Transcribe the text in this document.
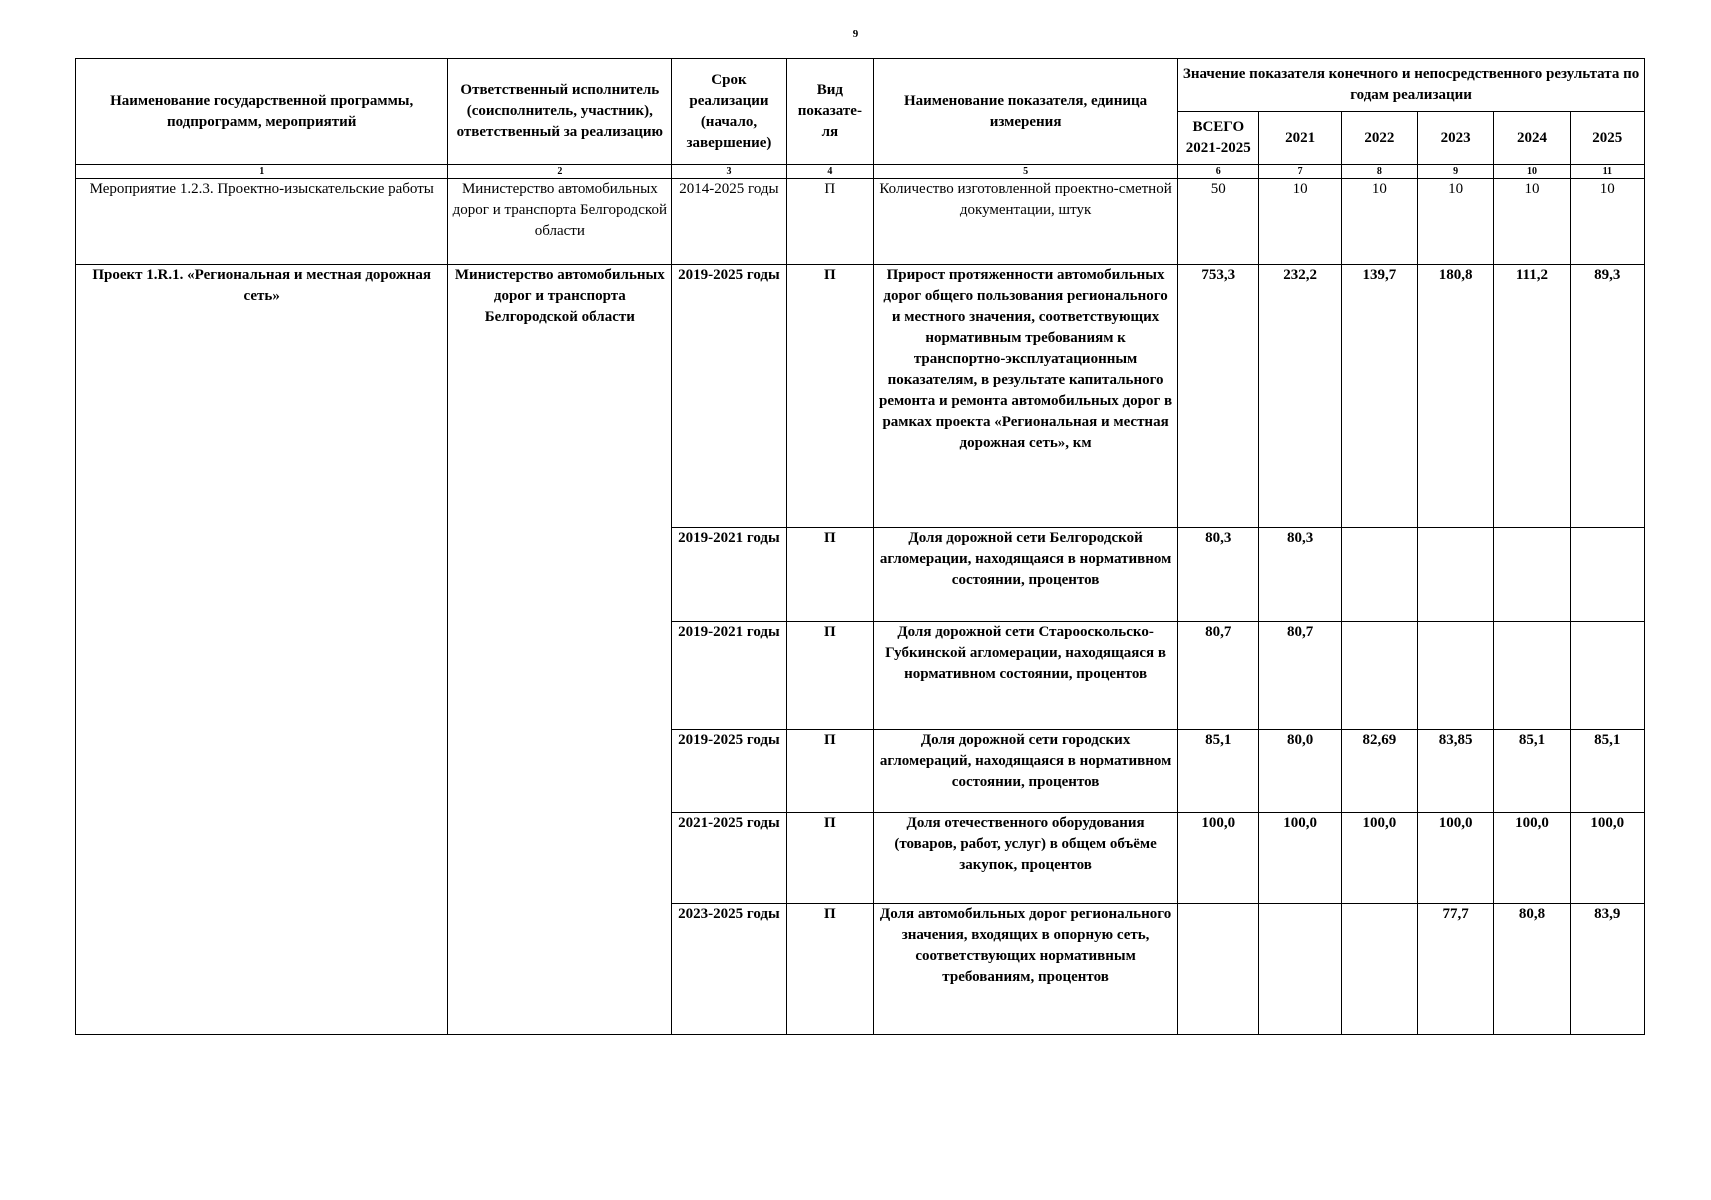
9
Наименование государственной программы, подпрограмм, мероприятий	Ответственный исполнитель (соисполнитель, участник), ответственный за реализацию	Срок реализации (начало, завершение)	Вид показате-ля	Наименование показателя, единица измерения	Значение показателя конечного и непосредственного результата по годам реализации					
					ВСЕГО 2021-2025	2021	2022	2023	2024	2025
1	2	3	4	5	6	7	8	9	10	11
Мероприятие 1.2.3. Проектно-изыскательские работы	Министерство автомобильных дорог и транспорта Белгородской области	2014-2025 годы	П	Количество изготовленной проектно-сметной документации, штук	50	10	10	10	10	10
Проект 1.R.1. «Региональная и местная дорожная сеть»	Министерство автомобильных дорог и транспорта Белгородской области	2019-2025 годы	П	Прирост протяженности автомобильных дорог общего пользования регионального и местного значения, соответствующих нормативным требованиям к транспортно-эксплуатационным показателям, в результате капитального ремонта и ремонта автомобильных дорог в рамках проекта «Региональная и местная дорожная сеть», км	753,3	232,2	139,7	180,8	111,2	89,3
		2019-2021 годы	П	Доля дорожной сети Белгородской агломерации, находящаяся в нормативном состоянии, процентов	80,3	80,3				
		2019-2021 годы	П	Доля дорожной сети Старооскольско-Губкинской агломерации, находящаяся в нормативном состоянии, процентов	80,7	80,7				
		2019-2025 годы	П	Доля дорожной сети городских агломераций, находящаяся в нормативном состоянии, процентов	85,1	80,0	82,69	83,85	85,1	85,1
		2021-2025 годы	П	Доля отечественного оборудования (товаров, работ, услуг) в общем объёме закупок, процентов	100,0	100,0	100,0	100,0	100,0	100,0
		2023-2025 годы	П	Доля автомобильных дорог регионального значения, входящих в опорную сеть, соответствующих нормативным требованиям, процентов				77,7	80,8	83,9
